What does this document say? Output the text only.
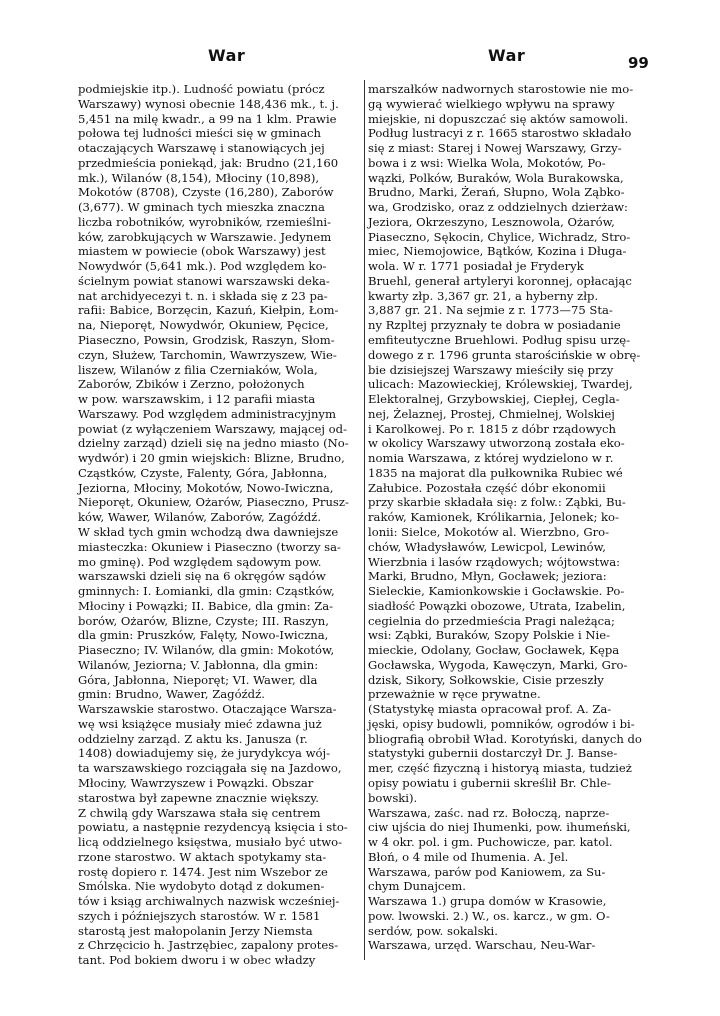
War	War	99
podmiejskie itp.). Ludność powiatu (prócz
Warszawy) wynosi obecnie 148,436 mk., t. j.
5,451 na milę kwadr., a 99 na 1 klm. Prawie
połowa tej ludności mieści się w gminach
otaczających Warszawę i stanowiących jej
przedmieścia poniekąd, jak: Brudno (21,160
mk.), Wilanów (8,154), Młociny (10,898),
Mokotów (8708), Czyste (16,280), Zaborów
(3,677). W gminach tych mieszka znaczna
liczba robotników, wyrobników, rzemieślni-
ków, zarobkujących w Warszawie. Jedynem
miastem w powiecie (obok Warszawy) jest
Nowydwór (5,641 mk.). Pod względem ko-
ścielnym powiat stanowi warszawski deka-
nat archidyecezyi t. n. i składa się z 23 pa-
rafii: Babice, Borzęcin, Kazuń, Kiełpin, Łom-
na, Nieporęt, Nowydwór, Okuniew, Pęcice,
Piaseczno, Powsin, Grodzisk, Raszyn, Słom-
czyn, Służew, Tarchomin, Wawrzyszew, Wie-
liszew, Wilanów z filia Czerniaków, Wola,
Zaborów, Zbików i Zerzno, położonych
w pow. warszawskim, i 12 parafii miasta
Warszawy. Pod względem administracyjnym
powiat (z wyłączeniem Warszawy, mającej od-
dzielny zarząd) dzieli się na jedno miasto (No-
wydwór) i 20 gmin wiejskich: Blizne, Brudno,
Cząstków, Czyste, Falenty, Góra, Jabłonna,
Jeziorna, Młociny, Mokotów, Nowo-Iwiczna,
Nieporęt, Okuniew, Ożarów, Piaseczno, Prusz-
ków, Wawer, Wilanów, Zaborów, Zagóźdź.
W skład tych gmin wchodzą dwa dawniejsze
miasteczka: Okuniew i Piaseczno (tworzy sa-
mo gminę). Pod względem sądowym pow.
warszawski dzieli się na 6 okręgów sądów
gminnych: I. Łomianki, dla gmin: Cząstków,
Młociny i Powązki; II. Babice, dla gmin: Za-
borów, Ożarów, Blizne, Czyste; III. Raszyn,
dla gmin: Pruszków, Falęty, Nowo-Iwiczna,
Piaseczno; IV. Wilanów, dla gmin: Mokotów,
Wilanów, Jeziorna; V. Jabłonna, dla gmin:
Góra, Jabłonna, Nieporęt; VI. Wawer, dla
gmin: Brudno, Wawer, Zagóźdź.
Warszawskie starostwo. Otaczające Warsza-
wę wsi książęce musiały mieć zdawna już
oddzielny zarząd. Z aktu ks. Janusza (r.
1408) dowiadujemy się, że jurydykcya wój-
ta warszawskiego rozciągała się na Jazdowo,
Młociny, Wawrzyszew i Powązki. Obszar
starostwa był zapewne znacznie większy.
Z chwilą gdy Warszawa stała się centrem
powiatu, a następnie rezydencyą księcia i sto-
licą oddzielnego księstwa, musiało być utwo-
rzone starostwo. W aktach spotykamy sta-
rostę dopiero r. 1474. Jest nim Wszebor ze
Smólska. Nie wydobyto dotąd z dokumen-
tów i ksiąg archiwalnych nazwisk wcześniej-
szych i późniejszych starostów. W r. 1581
starostą jest małopolanin Jerzy Niemsta
z Chrzęcicio h. Jastrzębiec, zapalony protes-
tant. Pod bokiem dworu i w obec władzy
marszałków nadwornych starostowie nie mo-
gą wywierać wielkiego wpływu na sprawy
miejskie, ni dopuszczać się aktów samowoli.
Podług lustracyi z r. 1665 starostwo składało
się z miast: Starej i Nowej Warszawy, Grzy-
bowa i z wsi: Wielka Wola, Mokotów, Po-
wązki, Polków, Buraków, Wola Burakowska,
Brudno, Marki, Żerań, Słupno, Wola Ząbko-
wa, Grodzisko, oraz z oddzielnych dzierżaw:
Jeziora, Okrzeszyno, Lesznowola, Ożarów,
Piaseczno, Sękocin, Chylice, Wichradz, Stro-
miec, Niemojowice, Bątków, Kozina i Długa-
wola. W r. 1771 posiadał je Fryderyk
Bruehl, generał artyleryi koronnej, opłacając
kwarty złp. 3,367 gr. 21, a hyberny złp.
3,887 gr. 21. Na sejmie z r. 1773—75 Sta-
ny Rzpltej przyznały te dobra w posiadanie
emfiteutyczne Bruehlowi. Podług spisu urzę-
dowego z r. 1796 grunta starościńskie w obrę-
bie dzisiejszej Warszawy mieściły się przy
ulicach: Mazowieckiej, Królewskiej, Twardej,
Elektoralnej, Grzybowskiej, Ciepłej, Cegla-
nej, Żelaznej, Prostej, Chmielnej, Wolskiej
i Karolkowej. Po r. 1815 z dóbr rządowych
w okolicy Warszawy utworzoną została eko-
nomia Warszawa, z której wydzielono w r.
1835 na majorat dla pułkownika Rubiec wé
Załubice. Pozostała część dóbr ekonomii
przy skarbie składała się: z folw.: Ząbki, Bu-
raków, Kamionek, Królikarnia, Jelonek; ko-
lonii: Sielce, Mokotów al. Wierzbno, Gro-
chów, Władysławów, Lewicpol, Lewinów,
Wierzbnia i lasów rządowych; wójtowstwa:
Marki, Brudno, Młyn, Gocławek; jeziora:
Sieleckie, Kamionkowskie i Gocławskie. Po-
siadłość Powązki obozowe, Utrata, Izabelin,
cegielnia do przedmieścia Pragi należąca;
wsi: Ząbki, Buraków, Szopy Polskie i Nie-
mieckie, Odolany, Gocław, Gocławek, Kępa
Gocławska, Wygoda, Kawęczyn, Marki, Gro-
dzisk, Sikory, Sołkowskie, Cisie przeszły
przeważnie w ręce prywatne.
(Statystykę miasta opracował prof. A. Za-
jęski, opisy budowli, pomników, ogrodów i bi-
bliografią obrobił Wład. Korotyński, danych do
statystyki gubernii dostarczył Dr. J. Banse-
mer, część fizyczną i historyą miasta, tudzież
opisy powiatu i gubernii skreślił Br. Chle-
bowski).
Warszawa, zaśc. nad rz. Bołoczą, naprze-
ciw ujścia do niej Ihumenki, pow. ihumeński,
w 4 okr. pol. i gm. Puchowicze, par. katol.
Błoń, o 4 mile od Ihumenia. A. Jel.
Warszawa, parów pod Kaniowem, za Su-
chym Dunajcem.
Warszawa 1.) grupa domów w Krasowie,
pow. lwowski. 2.) W., os. karcz., w gm. O-
serdów, pow. sokalski.
Warszawa, urzęd. Warschau, Neu-War-
